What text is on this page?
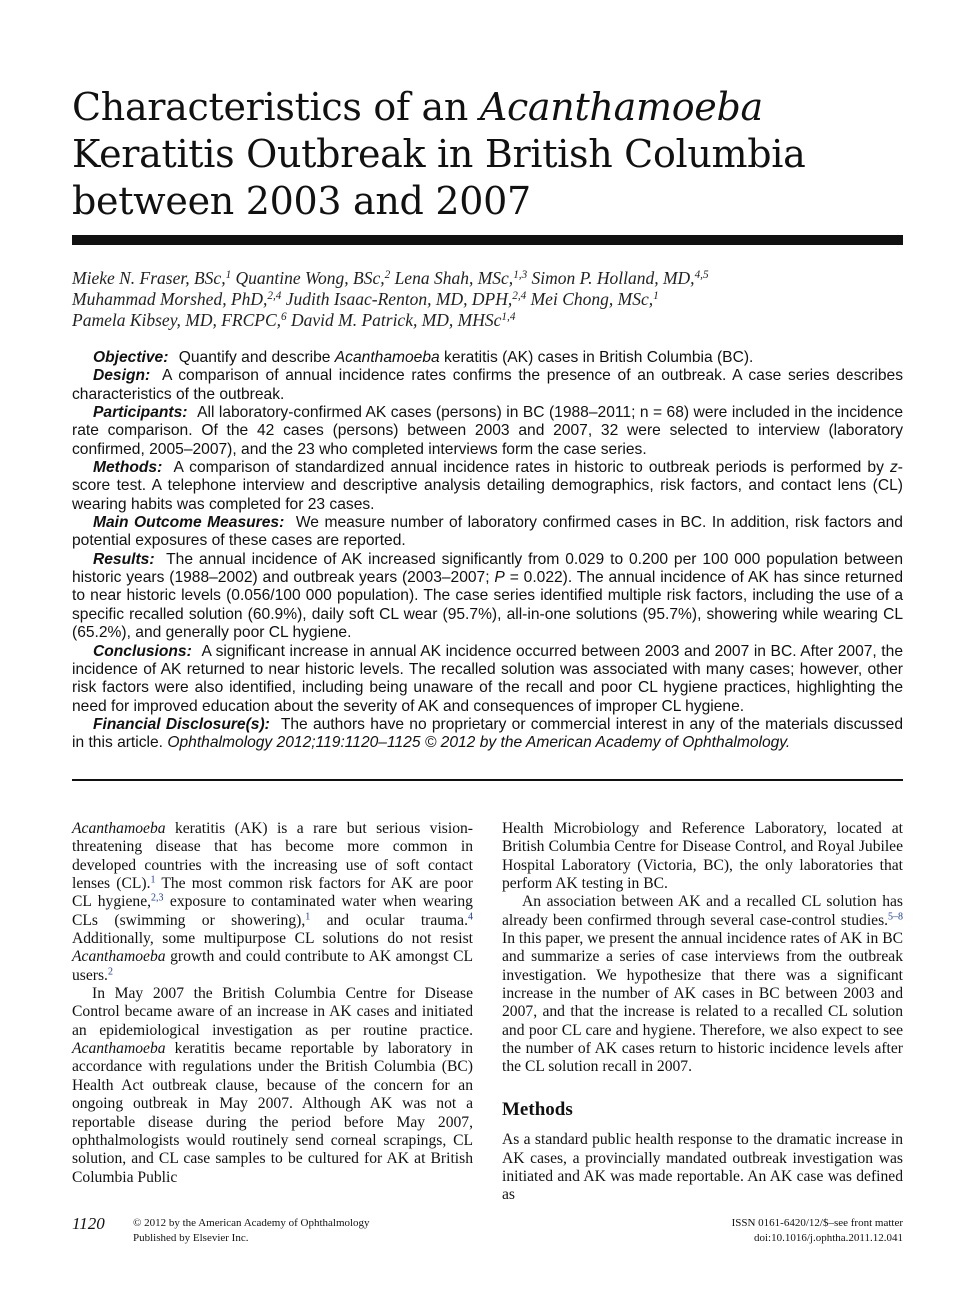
Characteristics of an Acanthamoeba
Keratitis Outbreak in British Columbia between 2003 and 2007
Mieke N. Fraser, BSc,$^1$ Quantine Wong, BSc,$^2$ Lena Shah, MSc,$^{1,3}$ Simon P. Holland, MD,$^{4,5}$
Muhammad Morshed, PhD,$^{2,4}$ Judith Isaac-Renton, MD, DPH,$^{2,4}$ Mei Chong, MSc,$^1$
Pamela Kibsey, MD, FRCPC,$^6$ David M. Patrick, MD, MHSc$^{1,4}$

Objective: Quantify and describe Acanthamoeba keratitis (AK) cases in British Columbia (BC).

Design: A comparison of annual incidence rates confirms the presence of an outbreak. A case series describes characteristics of the outbreak.

Participants: All laboratory-confirmed AK cases (persons) in BC (1988–2011; n = 68) were included in the incidence rate comparison. Of the 42 cases (persons) between 2003 and 2007, 32 were selected to interview (laboratory confirmed, 2005–2007), and the 23 who completed interviews form the case series.

Methods: A comparison of standardized annual incidence rates in historic to outbreak periods is performed by z-score test. A telephone interview and descriptive analysis detailing demographics, risk factors, and contact lens (CL) wearing habits was completed for 23 cases.

Main Outcome Measures: We measure number of laboratory confirmed cases in BC. In addition, risk factors and potential exposures of these cases are reported.

Results: The annual incidence of AK increased significantly from 0.029 to 0.200 per 100 000 population between historic years (1988–2002) and outbreak years (2003–2007; P = 0.022). The annual incidence of AK has since returned to near historic levels (0.056/100 000 population). The case series identified multiple risk factors, including the use of a specific recalled solution (60.9%), daily soft CL wear (95.7%), all-in-one solutions (95.7%), showering while wearing CL (65.2%), and generally poor CL hygiene.

Conclusions: A significant increase in annual AK incidence occurred between 2003 and 2007 in BC. After 2007, the incidence of AK returned to near historic levels. The recalled solution was associated with many cases; however, other risk factors were also identified, including being unaware of the recall and poor CL hygiene practices, highlighting the need for improved education about the severity of AK and consequences of improper CL hygiene.

Financial Disclosure(s): The authors have no proprietary or commercial interest in any of the materials discussed in this article. Ophthalmology 2012;119:1120–1125 © 2012 by the American Academy of Ophthalmology.

Acanthamoeba keratitis (AK) is a rare but serious vision-threatening disease that has become more common in developed countries with the increasing use of soft contact lenses (CL).$^1$ The most common risk factors for AK are poor CL hygiene,$^{2,3}$ exposure to contaminated water when wearing CLs (swimming or showering),$^1$ and ocular trauma.$^4$ Additionally, some multipurpose CL solutions do not resist Acanthamoeba growth and could contribute to AK amongst CL users.$^2$

In May 2007 the British Columbia Centre for Disease Control became aware of an increase in AK cases and initiated an epidemiological investigation as per routine practice. Acanthamoeba keratitis became reportable by laboratory in accordance with regulations under the British Columbia (BC) Health Act outbreak clause, because of the concern for an ongoing outbreak in May 2007. Although AK was not a reportable disease during the period before May 2007, ophthalmologists would routinely send corneal scrapings, CL solution, and CL case samples to be cultured for AK at British Columbia Public

Health Microbiology and Reference Laboratory, located at British Columbia Centre for Disease Control, and Royal Jubilee Hospital Laboratory (Victoria, BC), the only laboratories that perform AK testing in BC.

An association between AK and a recalled CL solution has already been confirmed through several case-control studies.$^{5-8}$ In this paper, we present the annual incidence rates of AK in BC and summarize a series of case interviews from the outbreak investigation. We hypothesize that there was a significant increase in the number of AK cases in BC between 2003 and 2007, and that the increase is related to a recalled CL solution and poor CL care and hygiene. Therefore, we also expect to see the number of AK cases return to historic incidence levels after the CL solution recall in 2007.

Methods

As a standard public health response to the dramatic increase in AK cases, a provincially mandated outbreak investigation was initiated and AK was made reportable. An AK case was defined as

1120	© 2012 by the American Academy of Ophthalmology
Published by Elsevier Inc.
ISSN 0161-6420/12/$–see front matter
doi:10.1016/j.ophtha.2011.12.041
